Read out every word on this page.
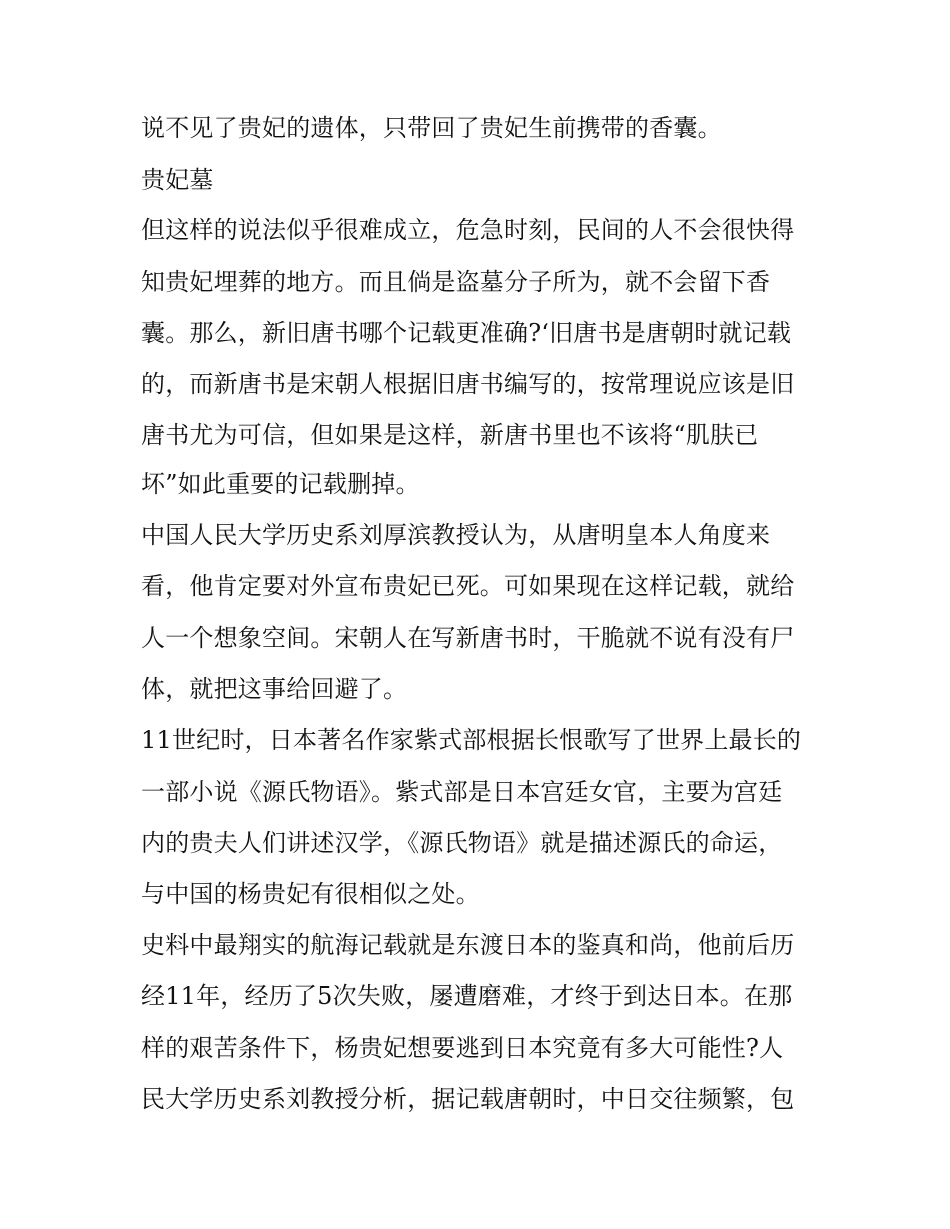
说不见了贵妃的遗体，只带回了贵妃生前携带的香囊。
贵妃墓
但这样的说法似乎很难成立，危急时刻，民间的人不会很快得
知贵妃埋葬的地方。而且倘是盗墓分子所为，就不会留下香
囊。那么，新旧唐书哪个记载更准确?‘旧唐书是唐朝时就记载
的，而新唐书是宋朝人根据旧唐书编写的，按常理说应该是旧
唐书尤为可信，但如果是这样，新唐书里也不该将“肌肤已
坏”如此重要的记载删掉。
中国人民大学历史系刘厚滨教授认为，从唐明皇本人角度来
看，他肯定要对外宣布贵妃已死。可如果现在这样记载，就给
人一个想象空间。宋朝人在写新唐书时，干脆就不说有没有尸
体，就把这事给回避了。
11世纪时，日本著名作家紫式部根据长恨歌写了世界上最长的
一部小说《源氏物语》。紫式部是日本宫廷女官，主要为宫廷
内的贵夫人们讲述汉学，《源氏物语》就是描述源氏的命运，
与中国的杨贵妃有很相似之处。
史料中最翔实的航海记载就是东渡日本的鉴真和尚，他前后历
经11年，经历了5次失败，屡遭磨难，才终于到达日本。在那
样的艰苦条件下，杨贵妃想要逃到日本究竟有多大可能性?人
民大学历史系刘教授分析，据记载唐朝时，中日交往频繁，包
